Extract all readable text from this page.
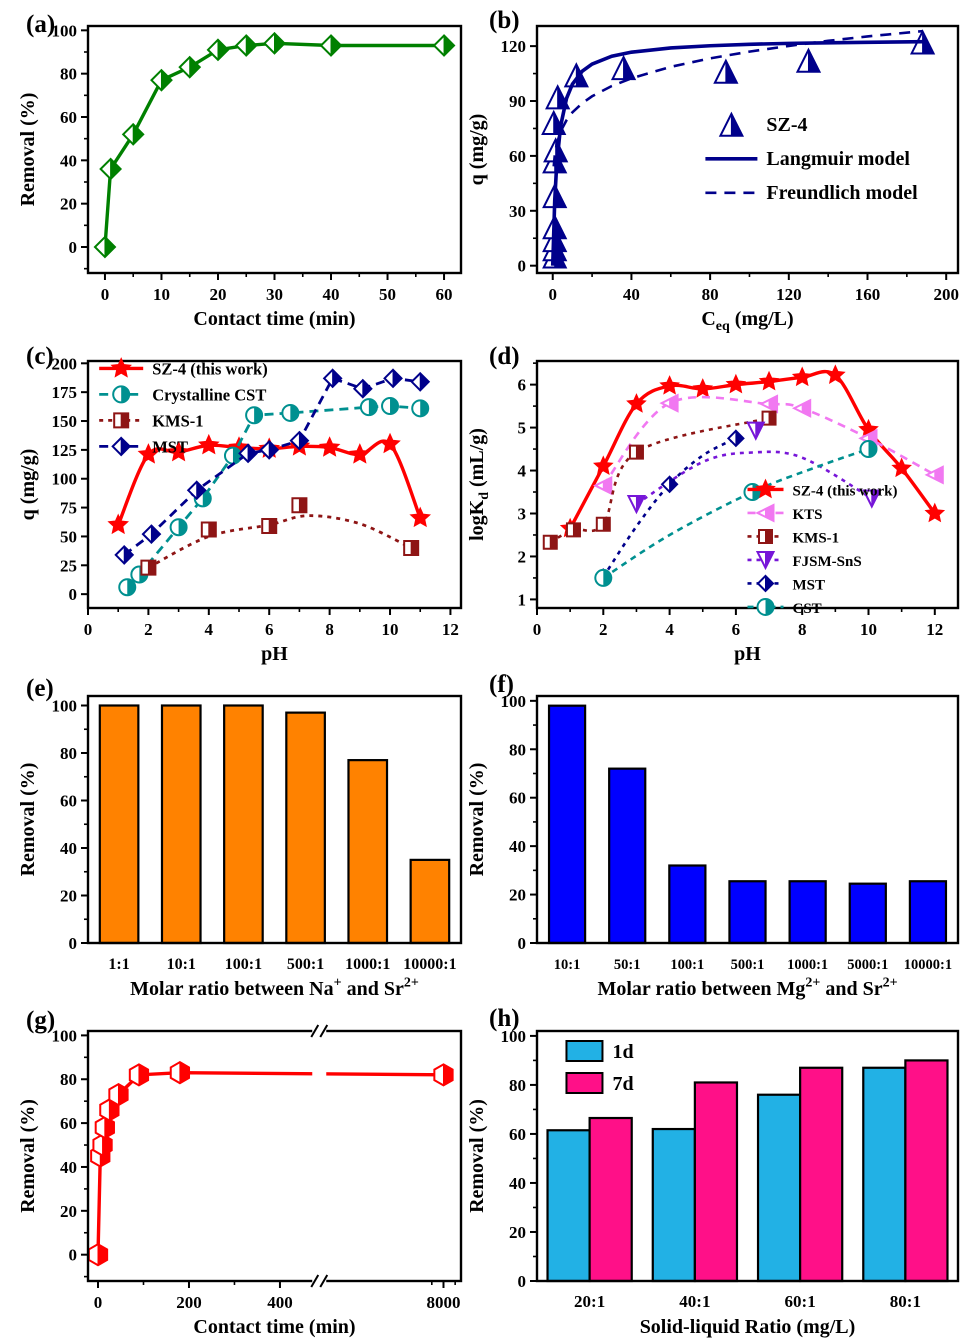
0	10 20 30 40 50 60
0
20
40
60
80
100
Contact time (min)
Removal (%)
0	40	80	120	160	200
0
30
60
90
120
$C_{eq}$ (mg/L)
q (mg/g)	SZ-4
Langmuir model
Freundlich model
0	2	4	6	8	10	12
0
25
50
75
100
125
150
175
200
pH
q (mg/g)
SZ-4 (this work)
Crystalline CST
KMS-1
MST
0	2	4	6	8	10	12
1
2
3
4
5
6
pH
logK$_d$ (mL/g)	SZ-4 (this work)
KTS
KMS-1
FJSM-SnS
MST
CST
0
20
40
60
80
100
1:1 10:1 100:1 500:1 1000:1 10000:1
Molar ratio between Na+ and $Sr^{2+}$
Removal (%)
0
20
40
60
80
100
10:1 50:1 100:1 500:1 1000:1 5000:1 10000:1
Molar ratio between $Mg^{2+}$ and $Sr^{2+}$
Removal (%)
0	200	400	8000
0
20
40
60
80
100
Contact time (min)
Removal (%)
0
20
40
60
80
100
20:1	40:1	60:1	80:1
Solid-liquid Ratio (mg/L)
Removal (%)
1d
7d
(a)	(b)
(c)	(d)
(e)	(f)
(g)	(h)
